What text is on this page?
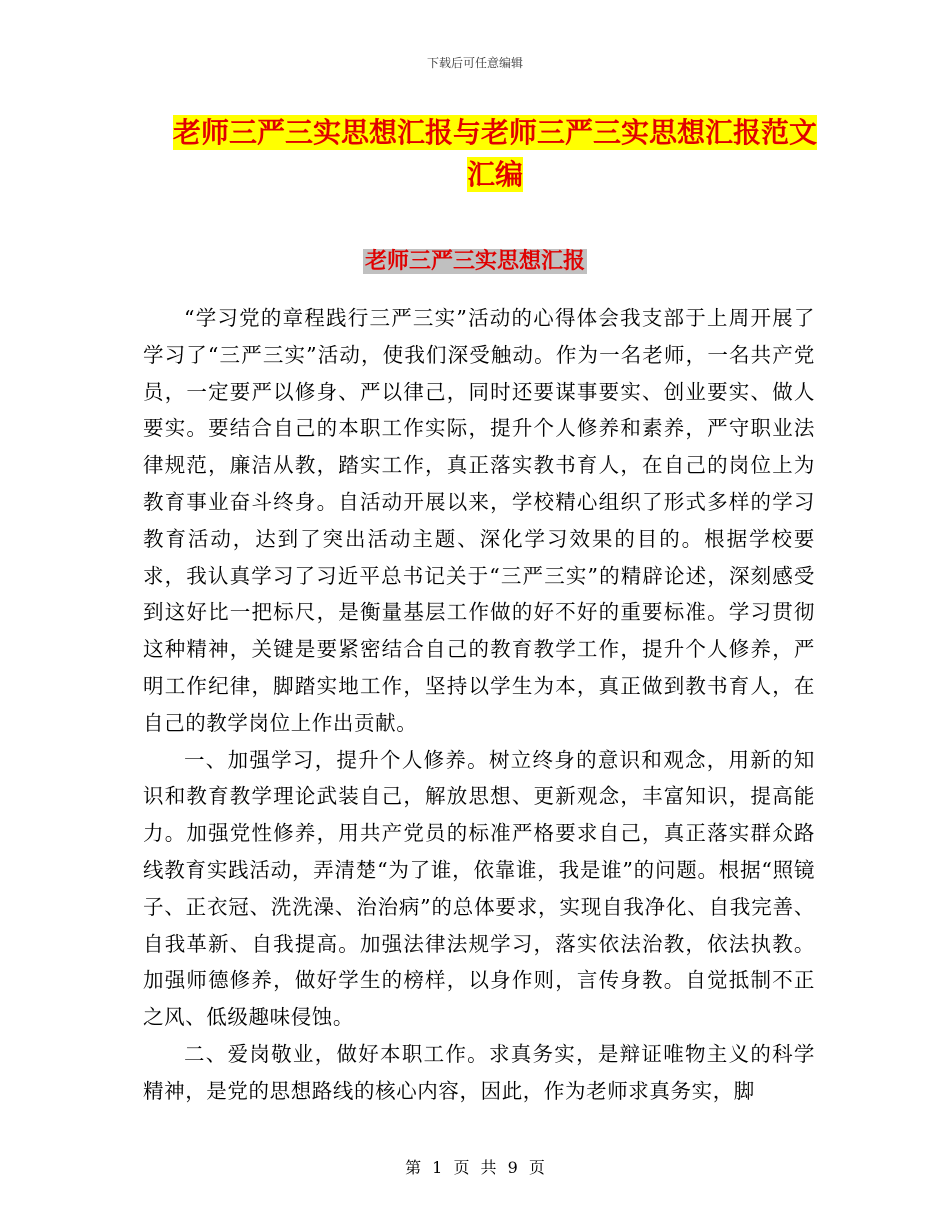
下载后可任意编辑
老师三严三实思想汇报与老师三严三实思想汇报范文
汇编
老师三严三实思想汇报

“学习党的章程践行三严三实”活动的心得体会我支部于上周开展了学习了“三严三实”活动，使我们深受触动。作为一名老师，一名共产党员，一定要严以修身、严以律己，同时还要谋事要实、创业要实、做人要实。要结合自己的本职工作实际，提升个人修养和素养，严守职业法律规范，廉洁从教，踏实工作，真正落实教书育人，在自己的岗位上为教育事业奋斗终身。自活动开展以来，学校精心组织了形式多样的学习教育活动，达到了突出活动主题、深化学习效果的目的。根据学校要求，我认真学习了习近平总书记关于“三严三实”的精辟论述，深刻感受到这好比一把标尺，是衡量基层工作做的好不好的重要标准。学习贯彻这种精神，关键是要紧密结合自己的教育教学工作，提升个人修养，严明工作纪律，脚踏实地工作，坚持以学生为本，真正做到教书育人，在自己的教学岗位上作出贡献。

一、加强学习，提升个人修养。树立终身的意识和观念，用新的知识和教育教学理论武装自己，解放思想、更新观念，丰富知识，提高能力。加强党性修养，用共产党员的标准严格要求自己，真正落实群众路线教育实践活动，弄清楚“为了谁，依靠谁，我是谁”的问题。根据“照镜子、正衣冠、洗洗澡、治治病”的总体要求，实现自我净化、自我完善、自我革新、自我提高。加强法律法规学习，落实依法治教，依法执教。加强师德修养，做好学生的榜样，以身作则，言传身教。自觉抵制不正之风、低级趣味侵蚀。

二、爱岗敬业，做好本职工作。求真务实，是辩证唯物主义的科学精神，是党的思想路线的核心内容，因此，作为老师求真务实，脚

第 1 页 共 9 页
